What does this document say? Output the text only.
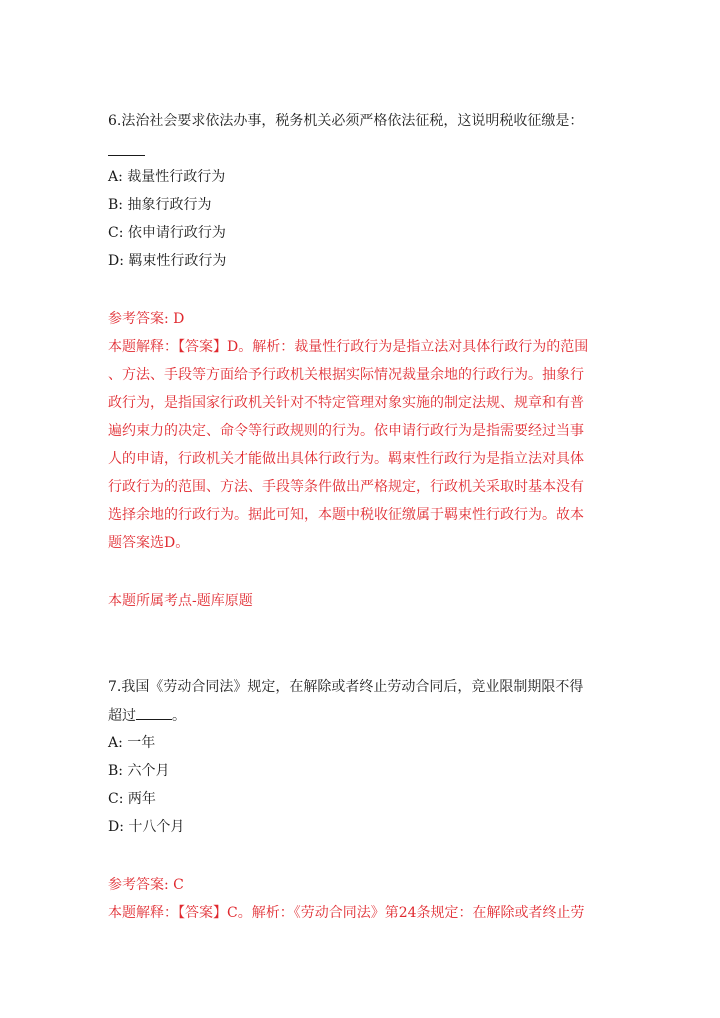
6.法治社会要求依法办事，税务机关必须严格依法征税，这说明税收征缴是：
A: 裁量性行政行为
B: 抽象行政行为
C: 依申请行政行为
D: 羁束性行政行为
参考答案: D
本题解释：【答案】D。解析：裁量性行政行为是指立法对具体行政行为的范围
、方法、手段等方面给予行政机关根据实际情况裁量余地的行政行为。抽象行
政行为，是指国家行政机关针对不特定管理对象实施的制定法规、规章和有普
遍约束力的决定、命令等行政规则的行为。依申请行政行为是指需要经过当事
人的申请，行政机关才能做出具体行政行为。羁束性行政行为是指立法对具体
行政行为的范围、方法、手段等条件做出严格规定，行政机关采取时基本没有
选择余地的行政行为。据此可知，本题中税收征缴属于羁束性行政行为。故本
题答案选D。
本题所属考点-题库原题
7.我国《劳动合同法》规定，在解除或者终止劳动合同后，竞业限制期限不得
超过	。
A: 一年
B: 六个月
C: 两年
D: 十八个月
参考答案: C
本题解释：【答案】C。解析：《劳动合同法》第24条规定：在解除或者终止劳
